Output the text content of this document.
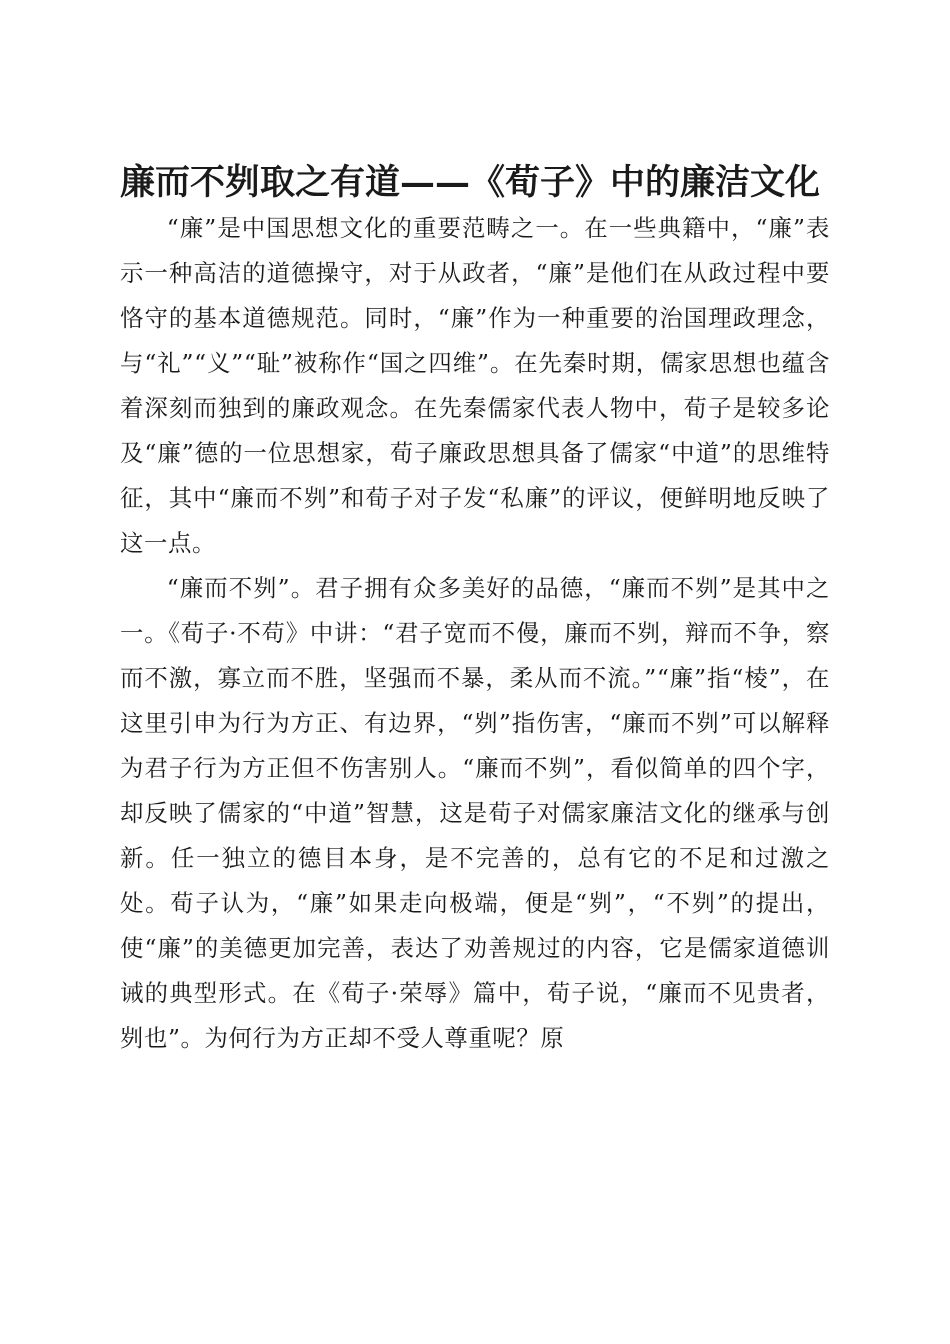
廉而不刿取之有道——《荀子》中的廉洁文化

“廉”是中国思想文化的重要范畴之一。在一些典籍中，“廉”表示一种高洁的道德操守，对于从政者，“廉”是他们在从政过程中要恪守的基本道德规范。同时，“廉”作为一种重要的治国理政理念，与“礼”“义”“耻”被称作“国之四维”。在先秦时期，儒家思想也蕴含着深刻而独到的廉政观念。在先秦儒家代表人物中，荀子是较多论及“廉”德的一位思想家，荀子廉政思想具备了儒家“中道”的思维特征，其中“廉而不刿”和荀子对子发“私廉”的评议，便鲜明地反映了这一点。

“廉而不刿”。君子拥有众多美好的品德，“廉而不刿”是其中之一。《荀子·不苟》中讲：“君子宽而不僈，廉而不刿，辩而不争，察而不激，寡立而不胜，坚强而不暴，柔从而不流。”“廉”指“棱”，在这里引申为行为方正、有边界，“刿”指伤害，“廉而不刿”可以解释为君子行为方正但不伤害别人。“廉而不刿”，看似简单的四个字，却反映了儒家的“中道”智慧，这是荀子对儒家廉洁文化的继承与创新。任一独立的德目本身，是不完善的，总有它的不足和过激之处。荀子认为，“廉”如果走向极端，便是“刿”，“不刿”的提出，使“廉”的美德更加完善，表达了劝善规过的内容，它是儒家道德训诫的典型形式。在《荀子·荣辱》篇中，荀子说，“廉而不见贵者，刿也”。为何行为方正却不受人尊重呢？原
